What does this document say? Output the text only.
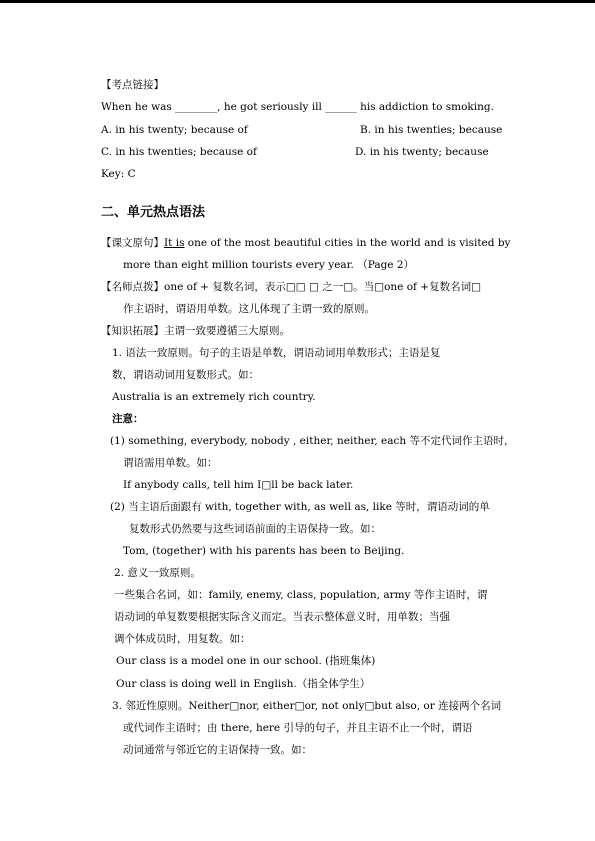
【考点链接】
When he was ________, he got seriously ill ______ his addiction to smoking.
A. in his twenty; because of	B. in his twenties; because
C. in his twenties; because of	D. in his twenty; because
Key: C
二、单元热点语法
【课文原句】It is one of the most beautiful cities in the world and is visited by
more than eight million tourists every year. （Page 2）
【名师点拨】one of + 复数名词，表示□□ □ 之一□。当□one of +复数名词□
作主语时，谓语用单数。这儿体现了主谓一致的原则。
【知识拓展】主谓一致要遵循三大原则。
1. 语法一致原则。句子的主语是单数，谓语动词用单数形式；主语是复
数，谓语动词用复数形式。如：
Australia is an extremely rich country.
注意：
(1) something, everybody, nobody , either, neither, each 等不定代词作主语时，
谓语需用单数。如：
If anybody calls, tell him I□ll be back later.
(2) 当主语后面跟有 with, together with, as well as, like 等时，谓语动词的单
复数形式仍然要与这些词语前面的主语保持一致。如：
Tom, (together) with his parents has been to Beijing.
2. 意义一致原则。
一些集合名词，如：family, enemy, class, population, army 等作主语时，谓
语动词的单复数要根据实际含义而定。当表示整体意义时，用单数；当强
调个体成员时，用复数。如：
Our class is a model one in our school. (指班集体)
Our class is doing well in English.（指全体学生）
3. 邻近性原则。Neither□nor, either□or, not only□but also, or 连接两个名词
或代词作主语时；由 there, here 引导的句子，并且主语不止一个时，谓语
动词通常与邻近它的主语保持一致。如：
